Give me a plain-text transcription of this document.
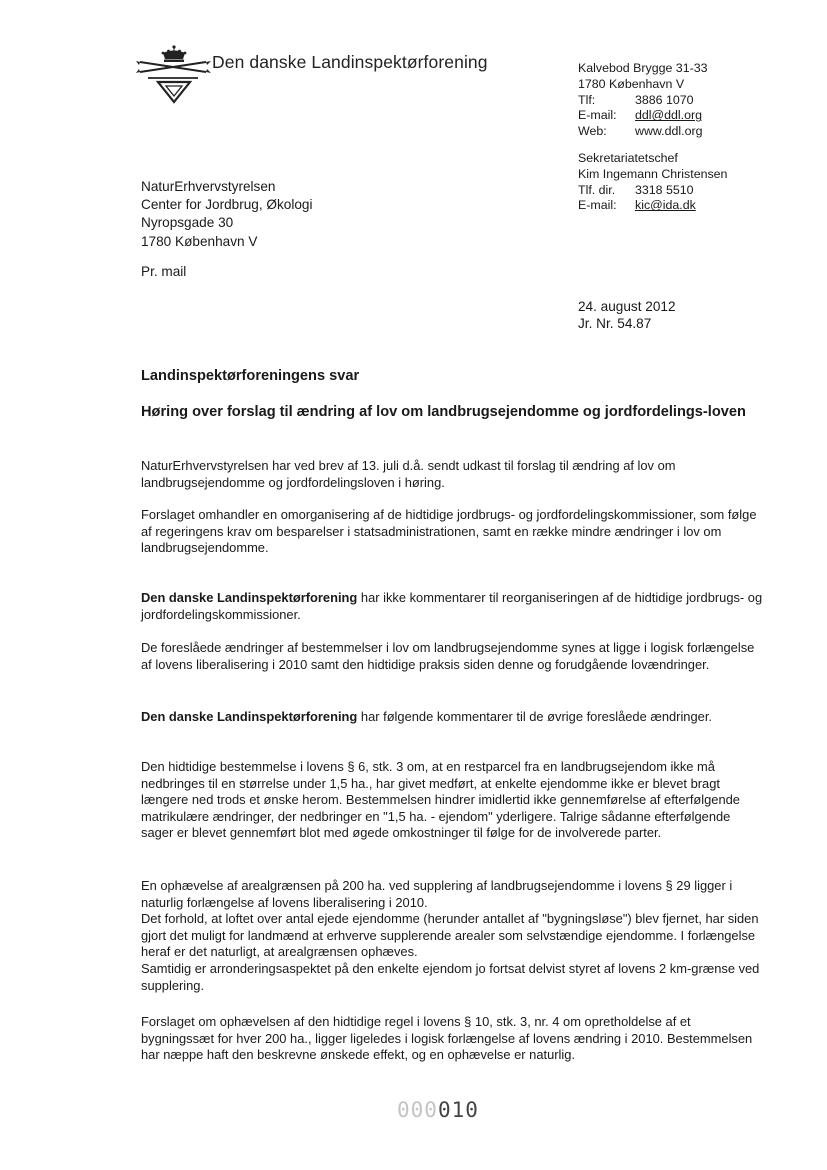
Den danske Landinspektørforening	Kalvebod Brygge 31-33
1780 København V
Tlf:	3886 1070
E-mail:	ddl@ddl.org
Web:	www.ddl.org
Sekretariatetschef
Kim Ingemann Christensen
Tlf. dir.	3318 5510
E-mail:	kic@ida.dk
NaturErhvervstyrelsen
Center for Jordbrug, Økologi
Nyropsgade 30
1780 København V
Pr. mail
24. august 2012
Jr. Nr. 54.87
Landinspektørforeningens svar
Høring over forslag til ændring af lov om landbrugsejendomme og jordfordelings-loven

NaturErhvervstyrelsen har ved brev af 13. juli d.å. sendt udkast til forslag til ændring af lov om landbrugsejendomme og jordfordelingsloven i høring.

Forslaget omhandler en omorganisering af de hidtidige jordbrugs- og jordfordelingskommissioner, som følge af regeringens krav om besparelser i statsadministrationen, samt en række mindre ændringer i lov om landbrugsejendomme.

Den danske Landinspektørforening har ikke kommentarer til reorganiseringen af de hidtidige jordbrugs- og jordfordelingskommissioner.

De foreslåede ændringer af bestemmelser i lov om landbrugsejendomme synes at ligge i logisk forlængelse af lovens liberalisering i 2010 samt den hidtidige praksis siden denne og forudgående lovændringer.

Den danske Landinspektørforening har følgende kommentarer til de øvrige foreslåede ændringer.

Den hidtidige bestemmelse i lovens § 6, stk. 3 om, at en restparcel fra en landbrugsejendom ikke må nedbringes til en størrelse under 1,5 ha., har givet medført, at enkelte ejendomme ikke er blevet bragt længere ned trods et ønske herom. Bestemmelsen hindrer imidlertid ikke gennemførelse af efterfølgende matrikulære ændringer, der nedbringer en "1,5 ha. - ejendom" yderligere. Talrige sådanne efterfølgende sager er blevet gennemført blot med øgede omkostninger til følge for de involverede parter.

En ophævelse af arealgrænsen på 200 ha. ved supplering af landbrugsejendomme i lovens § 29 ligger i naturlig forlængelse af lovens liberalisering i 2010.

Det forhold, at loftet over antal ejede ejendomme (herunder antallet af "bygningsløse") blev fjernet, har siden gjort det muligt for landmænd at erhverve supplerende arealer som selvstændige ejendomme. I forlængelse heraf er det naturligt, at arealgrænsen ophæves.

Samtidig er arronderingsaspektet på den enkelte ejendom jo fortsat delvist styret af lovens 2 km-grænse ved supplering.

Forslaget om ophævelsen af den hidtidige regel i lovens § 10, stk. 3, nr. 4 om opretholdelse af et bygningssæt for hver 200 ha., ligger ligeledes i logisk forlængelse af lovens ændring i 2010. Bestemmelsen har næppe haft den beskrevne ønskede effekt, og en ophævelse er naturlig.

000010
